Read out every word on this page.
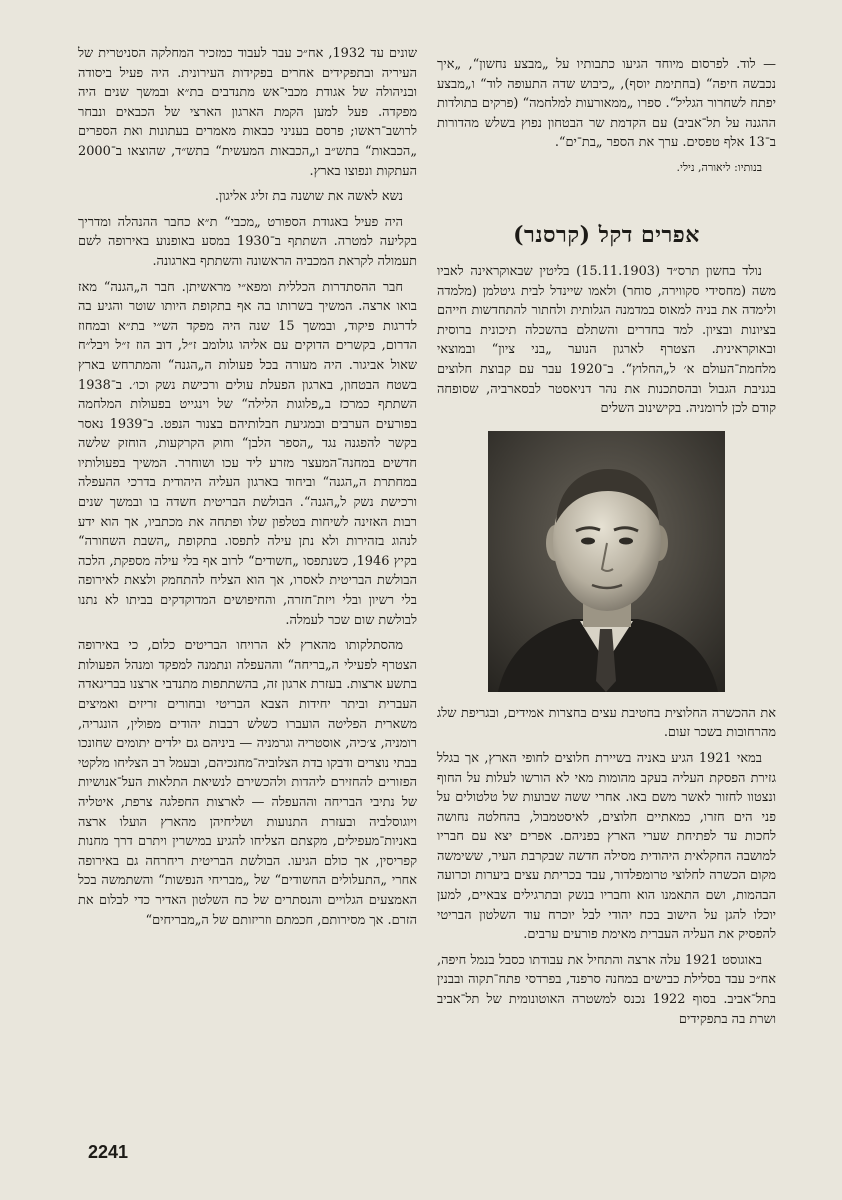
— לוד. לפרסום מיוחד הגיעו כתבותיו על „מבצע נחשון“, „איך נכבשה חיפה“ (בחתימת יוסף), „כיבוש שדה התעופה לוד“ ו„מבצע יפתח לשחרור הגליל“. ספרו „ממאורעות למלחמה“ (פרקים בתולדות ההגנה על תל־אביב) עם הקדמת שר הבטחון נפוץ בשלש מהדורות ב־13 אלף טפסים. ערך את הספר „בת־ים“.

בנותיו: ליאורה, נילי.

אפרים דקל (קרסנר)

נולד בחשון תרס״ד (15.11.1903) בליטין שבאוקראינה לאביו משה (מחסידי סקווירה, סוחר) ולאמו שיינדל לבית גיטלמן (מלמדה ולימדה את בניה למאוס במדמנה הגלותית ולחתור להתחדשות חייהם בציונות ובציון. למד בחדרים והשתלם בהשכלה תיכונית ברוסית ובאוקראינית. הצטרף לארגון הנוער „בני ציון“ ובמוצאי מלחמת־העולם א׳ ל„החלוץ“. ב־1920 עבר עם קבוצת חלוצים בגניבת הגבול ובהסתכנות את נהר דניאסטר לבסארביה, שסופחה קודם לכן לרומניה. בקישינוב השלים

את ההכשרה החלוצית בחטיבת עצים בחצרות אמידים, ובגריפת שלג מהרחובות בשכר זעום.

במאי 1921 הגיע באניה בשיירת חלוצים לחופי הארץ, אך בגלל גזירת הפסקת העליה בעקב מהומות מאי לא הורשו לעלות על החוף ונצטוו לחזור לאשר משם באו. אחרי ששה שבועות של טלטולים על פני הים חזרו, כמאתיים חלוצים, לאיסטמבול, בהחלטה נחושה לחכות עד לפתיחת שערי הארץ בפניהם. אפרים יצא עם חבריו למושבה החקלאית היהודית מסילה חדשה שבקרבת העיר, ששימשה מקום הכשרה לחלוצי טרומפלדור, עבד בכריתת עצים ביערות וכרועה הבהמות, ושם התאמנו הוא וחבריו בנשק ובתרגילים צבאיים, למען יוכלו להגן על הישוב בכח יהודי לבל יוכרח עוד השלטון הבריטי להפסיק את העליה העברית מאימת פורעים ערבים.

באוגוסט 1921 עלה ארצה והתחיל את עבודתו כסבל בנמל חיפה, אח״כ עבד בסלילת כבישים במחנה סרפנד, בפרדסי פתח־תקוה ובבנין בתל־אביב. בסוף 1922 נכנס למשטרה האוטונומית של תל־אביב ושרת בה בתפקידים

שונים עד 1932, אח״כ עבר לעבוד כמזכיר המחלקה הסניטרית של העיריה ובתפקידים אחרים בפקידות העירונית. היה פעיל ביסודה ובניהולה של אגודת מכבי־אש מתנדבים בת״א ובמשך שנים היה מפקדה. פעל למען הקמת הארגון הארצי של הכבאים ונבחר לרושב־ראשו; פרסם בעניני כבאות מאמרים בעתונות ואת הספרים „הכבאות“ בתש״ב ו„הכבאות המעשית“ בתש״ד, שהוצאו ב־2000 העתקות ונפוצו בארץ.

נשא לאשה את שושנה בת זליג אליגון.

היה פעיל באגודת הספורט „מכבי“ ת״א כחבר ההנהלה ומדריך בקליעה למטרה. השתתף ב־1930 במסע באופנוע באירופה לשם תעמולה לקראת המכביה הראשונה והשתתף בארגונה.

חבר ההסתדרות הכללית ומפא״י מראשיתן. חבר ה„הגנה“ מאז בואו ארצה. המשיך בשרותו בה אף בתקופת היותו שוטר והגיע בה לדרגות פיקוד, ובמשך 15 שנה היה מפקד הש״י בת״א ובמחוז הדרום, בקשרים הדוקים עם אליהו גולומב ז״ל, דוב הוז ז״ל ויבל״ח שאול אביגור. היה מעורה בכל פעולות ה„הגנה“ והמתרחש בארץ בשטח הבטחון, בארגון הפעלת עולים ורכישת נשק וכו׳. ב־1938 השתתף כמרכז ב„פלוגות הלילה“ של וינגייט בפעולות המלחמה בפורעים הערבים ובמגיעת חבלותיהם בצנור הנפט. ב־1939 נאסר בקשר להפגנה נגד „הספר הלבן“ וחוק הקרקעות, הוחזק שלשה חדשים במחנה־המעצר מזרע ליד עכו ושוחרר. המשיך בפעולותיו במחתרת ה„הגנה“ וביחוד בארגון העליה היהודית בדרכי ההעפלה ורכישת נשק ל„הגנה“. הבולשת הבריטית חשדה בו ובמשך שנים רבות האזינה לשיחות בטלפון שלו ופתחה את מכתביו, אך הוא ידע לנהוג בזהירות ולא נתן עילה לתפסו. בתקופת „השבת השחורה“ בקיץ 1946, כשנתפסו „חשודים“ לרוב אף בלי עילה מספקת, הלכה הבולשת הבריטית לאסרו, אך הוא הצליח להתחמק ולצאת לאירופה בלי רשיון ובלי ויזת־חזרה, והחיפושים המדוקדקים בביתו לא נתנו לבולשת שום שכר לעמלה.

מהסתלקותו מהארץ לא הרויחו הבריטים כלום, כי באירופה הצטרף לפעילי ה„בריחה“ וההעפלה ונתמנה למפקד ומנהל הפעולות בתשע ארצות. בעזרת ארגון זה, בהשתתפות מתנדבי ארצנו בבריגאדה העברית וביתר יחידות הצבא הבריטי ובחורים זריזים ואמיצים משארית הפליטה הועברו כשלש רבבות יהודים מפולין, הונגריה, רומניה, צ׳כיה, אוסטריה וגרמניה — ביניהם גם ילדים יתומים שחונכו בבתי נוצרים ודבקו בדת הצלוביה־מחנכיהם, ובעמל רב הצליחו מלקטי הפזורים להחזירם ליהדות ולהכשירם לנשיאת התלאות העל־אנושיות של נתיבי הבריחה וההעפלה — לארצות החפלגה צרפת, איטליה ויוגוסלביה ובעזרת התנועות ושליחיהן מהארץ הועלו ארצה באניות־מעפילים, מקצתם הצליחו להגיע במישרין ויתרם דרך מחנות קפריסין, אך כולם הגיעו. הבולשת הבריטית ריחרחה גם באירופה אחרי „התעלולים החשודים“ של „מבריחי הנפשות“ והשתמשה בכל האמצעים הגלויים והנסתרים של כח השלטון האדיר כדי לבלום את הזרם. אך מסירותם, חכמתם וזריזותם של ה„מבריחים“

2241
